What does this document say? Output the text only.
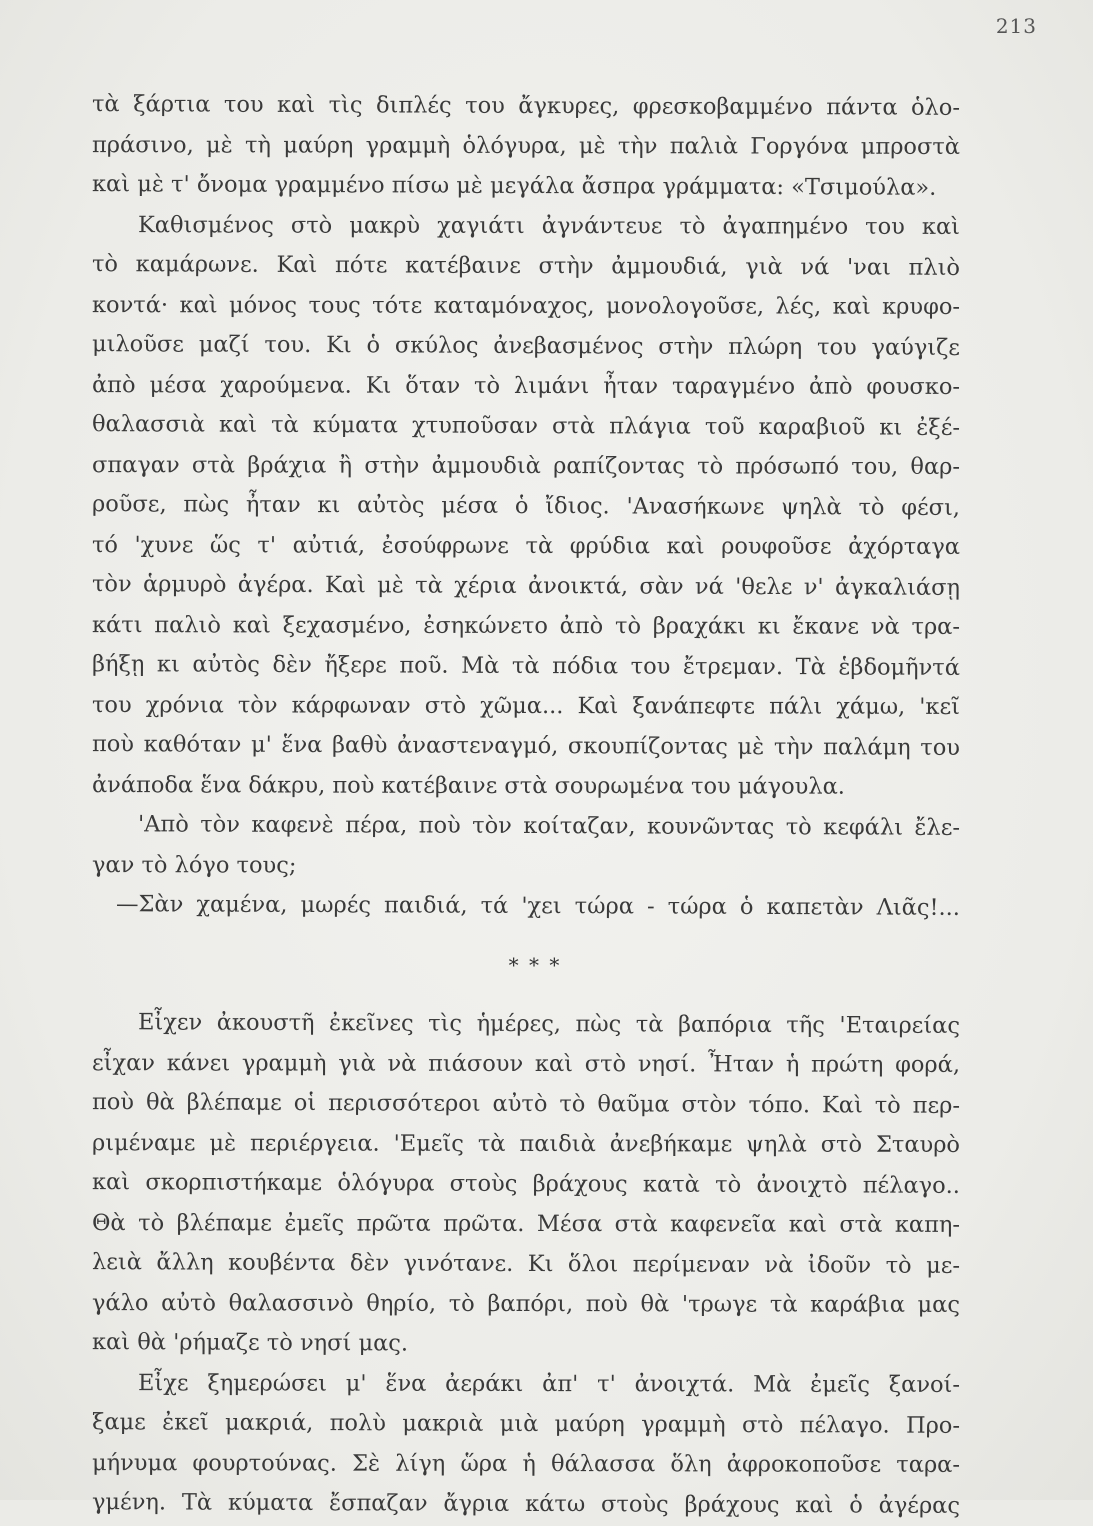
213
τὰ ξάρτια του καὶ τὶς διπλές του ἄγκυρες, φρεσκοβαμμένο πάντα ὁλο-
πράσινο, μὲ τὴ μαύρη γραμμὴ ὁλόγυρα, μὲ τὴν παλιὰ Γοργόνα μπροστὰ
καὶ μὲ τ' ὄνομα γραμμένο πίσω μὲ μεγάλα ἄσπρα γράμματα: «Τσιμούλα».
Καθισμένος στὸ μακρὺ χαγιάτι ἀγνάντευε τὸ ἀγαπημένο του καὶ
τὸ καμάρωνε. Καὶ πότε κατέβαινε στὴν ἀμμουδιά, γιὰ νά 'ναι πλιὸ
κοντά· καὶ μόνος τους τότε καταμόναχος, μονολογοῦσε, λές, καὶ κρυφο-
μιλοῦσε μαζί του. Κι ὁ σκύλος ἀνεβασμένος στὴν πλώρη του γαύγιζε
ἀπὸ μέσα χαρούμενα. Κι ὅταν τὸ λιμάνι ἦταν ταραγμένο ἀπὸ φουσκο-
θαλασσιὰ καὶ τὰ κύματα χτυποῦσαν στὰ πλάγια τοῦ καραβιοῦ κι ἐξέ-
σπαγαν στὰ βράχια ἢ στὴν ἀμμουδιὰ ραπίζοντας τὸ πρόσωπό του, θαρ-
ροῦσε, πὼς ἦταν κι αὐτὸς μέσα ὁ ἴδιος. 'Ανασήκωνε ψηλὰ τὸ φέσι,
τό 'χυνε ὥς τ' αὐτιά, ἐσούφρωνε τὰ φρύδια καὶ ρουφοῦσε ἀχόρταγα
τὸν ἁρμυρὸ ἀγέρα. Καὶ μὲ τὰ χέρια ἀνοικτά, σὰν νά 'θελε ν' ἀγκαλιάσῃ
κάτι παλιὸ καὶ ξεχασμένο, ἐσηκώνετο ἀπὸ τὸ βραχάκι κι ἔκανε νὰ τρα-
βήξῃ κι αὐτὸς δὲν ἤξερε ποῦ. Μὰ τὰ πόδια του ἔτρεμαν. Τὰ ἑβδομῆντά
του χρόνια τὸν κάρφωναν στὸ χῶμα... Καὶ ξανάπεφτε πάλι χάμω, 'κεῖ
ποὺ καθόταν μ' ἕνα βαθὺ ἀναστεναγμό, σκουπίζοντας μὲ τὴν παλάμη του
ἀνάποδα ἕνα δάκρυ, ποὺ κατέβαινε στὰ σουρωμένα του μάγουλα.
'Απὸ τὸν καφενὲ πέρα, ποὺ τὸν κοίταζαν, κουνῶντας τὸ κεφάλι ἔλε-
γαν τὸ λόγο τους;
—Σὰν χαμένα, μωρές παιδιά, τά 'χει τώρα - τώρα ὁ καπετὰν Λιᾶς!...
* * *
Εἶχεν ἀκουστῆ ἐκεῖνες τὶς ἡμέρες, πὼς τὰ βαπόρια τῆς 'Εταιρείας
εἶχαν κάνει γραμμὴ γιὰ νὰ πιάσουν καὶ στὸ νησί. Ἦταν ἡ πρώτη φορά,
ποὺ θὰ βλέπαμε οἱ περισσότεροι αὐτὸ τὸ θαῦμα στὸν τόπο. Καὶ τὸ περ-
ριμέναμε μὲ περιέργεια. 'Εμεῖς τὰ παιδιὰ ἀνεβήκαμε ψηλὰ στὸ Σταυρὸ
καὶ σκορπιστήκαμε ὁλόγυρα στοὺς βράχους κατὰ τὸ ἀνοιχτὸ πέλαγο..
Θὰ τὸ βλέπαμε ἐμεῖς πρῶτα πρῶτα. Μέσα στὰ καφενεῖα καὶ στὰ καπη-
λειὰ ἄλλη κουβέντα δὲν γινότανε. Κι ὅλοι περίμεναν νὰ ἰδοῦν τὸ με-
γάλο αὐτὸ θαλασσινὸ θηρίο, τὸ βαπόρι, ποὺ θὰ 'τρωγε τὰ καράβια μας
καὶ θὰ 'ρήμαζε τὸ νησί μας.
Εἶχε ξημερώσει μ' ἕνα ἀεράκι ἀπ' τ' ἀνοιχτά. Μὰ ἐμεῖς ξανοί-
ξαμε ἐκεῖ μακριά, πολὺ μακριὰ μιὰ μαύρη γραμμὴ στὸ πέλαγο. Προ-
μήνυμα φουρτούνας. Σὲ λίγη ὥρα ἡ θάλασσα ὅλη ἀφροκοποῦσε ταρα-
γμένη. Τὰ κύματα ἔσπαζαν ἄγρια κάτω στοὺς βράχους καὶ ὁ ἀγέρας
